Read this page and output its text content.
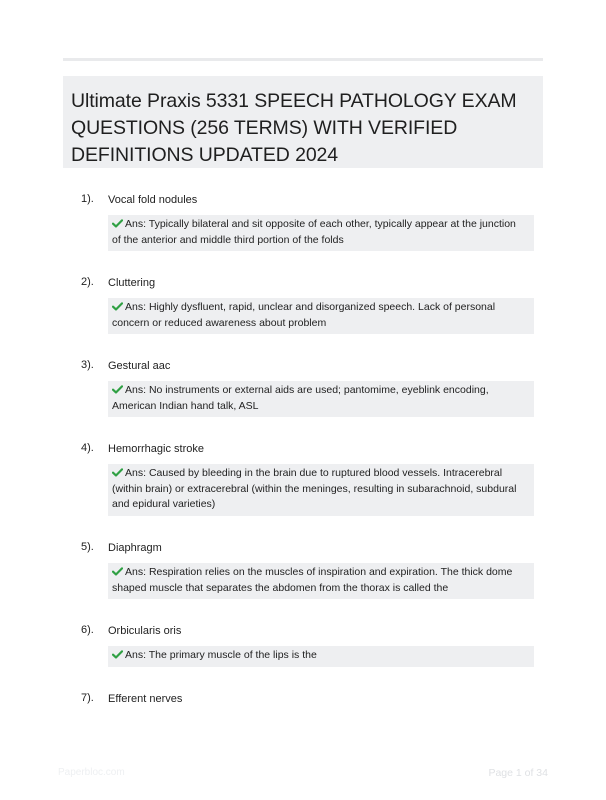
Ultimate Praxis 5331 SPEECH PATHOLOGY EXAM QUESTIONS (256 TERMS) WITH VERIFIED DEFINITIONS UPDATED 2024
1). Vocal fold nodules
Ans: Typically bilateral and sit opposite of each other, typically appear at the junction of the anterior and middle third portion of the folds
2). Cluttering
Ans: Highly dysfluent, rapid, unclear and disorganized speech. Lack of personal concern or reduced awareness about problem
3). Gestural aac
Ans: No instruments or external aids are used; pantomime, eyeblink encoding, American Indian hand talk, ASL
4). Hemorrhagic stroke
Ans: Caused by bleeding in the brain due to ruptured blood vessels. Intracerebral (within brain) or extracerebral (within the meninges, resulting in subarachnoid, subdural and epidural varieties)
5). Diaphragm
Ans: Respiration relies on the muscles of inspiration and expiration. The thick dome shaped muscle that separates the abdomen from the thorax is called the
6). Orbicularis oris
Ans: The primary muscle of the lips is the
7). Efferent nerves
Paperbloc.com	Page 1 of 34
